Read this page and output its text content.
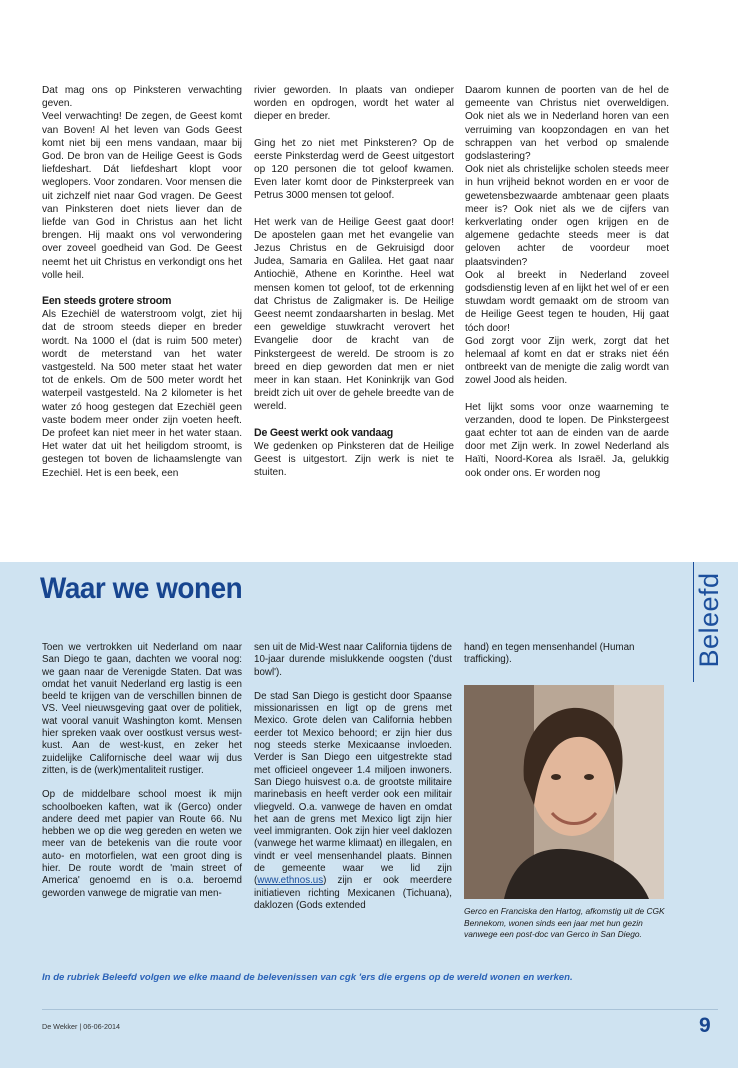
Dat mag ons op Pinksteren verwachting geven.

Veel verwachting! De zegen, de Geest komt van Boven! Al het leven van Gods Geest komt niet bij een mens vandaan, maar bij God. De bron van de Heilige Geest is Gods liefdeshart. Dát liefdeshart klopt voor weglopers. Voor zondaren. Voor mensen die uit zichzelf niet naar God vragen. De Geest van Pinksteren doet niets liever dan de liefde van God in Christus aan het licht brengen. Hij maakt ons vol verwondering over zoveel goedheid van God. De Geest neemt het uit Christus en verkondigt ons het volle heil.

Een steeds grotere stroom

Als Ezechiël de waterstroom volgt, ziet hij dat de stroom steeds dieper en breder wordt. Na 1000 el (dat is ruim 500 meter) wordt de meterstand van het water vastgesteld. Na 500 meter staat het water tot de enkels. Om de 500 meter wordt het waterpeil vastgesteld. Na 2 kilometer is het water zó hoog gestegen dat Ezechiël geen vaste bodem meer onder zijn voeten heeft. De profeet kan niet meer in het water staan. Het water dat uit het heiligdom stroomt, is gestegen tot boven de lichaamslengte van Ezechiël. Het is een beek, een

rivier geworden. In plaats van ondieper worden en opdrogen, wordt het water al dieper en breder.

Ging het zo niet met Pinksteren? Op de eerste Pinksterdag werd de Geest uitgestort op 120 personen die tot geloof kwamen. Even later komt door de Pinksterpreek van Petrus 3000 mensen tot geloof.

Het werk van de Heilige Geest gaat door! De apostelen gaan met het evangelie van Jezus Christus en de Gekruisigd door Judea, Samaria en Galilea. Het gaat naar Antiochië, Athene en Korinthe. Heel wat mensen komen tot geloof, tot de erkenning dat Christus de Zaligmaker is. De Heilige Geest neemt zondaarsharten in beslag. Met een geweldige stuwkracht verovert het Evangelie door de kracht van de Pinkstergeest de wereld. De stroom is zo breed en diep geworden dat men er niet meer in kan staan. Het Koninkrijk van God breidt zich uit over de gehele breedte van de wereld.

De Geest werkt ook vandaag

We gedenken op Pinksteren dat de Heilige Geest is uitgestort. Zijn werk is niet te stuiten.

Daarom kunnen de poorten van de hel de gemeente van Christus niet overweldigen. Ook niet als we in Nederland horen van een verruiming van koopzondagen en van het schrappen van het verbod op smalende godslastering?

Ook niet als christelijke scholen steeds meer in hun vrijheid beknot worden en er voor de gewetensbezwaarde ambtenaar geen plaats meer is? Ook niet als we de cijfers van kerkverlating onder ogen krijgen en de algemene gedachte steeds meer is dat geloven achter de voordeur moet plaatsvinden?

Ook al breekt in Nederland zoveel godsdienstig leven af en lijkt het wel of er een stuwdam wordt gemaakt om de stroom van de Heilige Geest tegen te houden, Hij gaat tóch door!

God zorgt voor Zijn werk, zorgt dat het helemaal af komt en dat er straks niet één ontbreekt van de menigte die zalig wordt van zowel Jood als heiden.

Het lijkt soms voor onze waarneming te verzanden, dood te lopen. De Pinkstergeest gaat echter tot aan de einden van de aarde door met Zijn werk. In zowel Nederland als Haïti, Noord-Korea als Israël. Ja, gelukkig ook onder ons. Er worden nog

Waar we wonen	Beleefd

Toen we vertrokken uit Nederland om naar San Diego te gaan, dachten we vooral nog: we gaan naar de Verenigde Staten. Dat was omdat het vanuit Nederland erg lastig is een beeld te krijgen van de verschillen binnen de VS. Veel nieuwsgeving gaat over de politiek, wat vooral vanuit Washington komt. Mensen hier spreken vaak over oostkust versus west-kust. Aan de west-kust, en zeker het zuidelijke Californische deel waar wij dus zitten, is de (werk)mentaliteit rustiger.

Op de middelbare school moest ik mijn schoolboeken kaften, wat ik (Gerco) onder andere deed met papier van Route 66. Nu hebben we op die weg gereden en weten we meer van de betekenis van die route voor auto- en motorfielen, wat een groot ding is hier. De route wordt de 'main street of America' genoemd en is o.a. beroemd geworden vanwege de migratie van men-

sen uit de Mid-West naar California tijdens de 10-jaar durende mislukkende oogsten ('dust bowl').

De stad San Diego is gesticht door Spaanse missionarissen en ligt op de grens met Mexico. Grote delen van California hebben eerder tot Mexico behoord; er zijn hier dus nog steeds sterke Mexicaanse invloeden. Verder is San Diego een uitgestrekte stad met officieel ongeveer 1.4 miljoen inwoners. San Diego huisvest o.a. de grootste militaire marinebasis en heeft verder ook een militair vliegveld. O.a. vanwege de haven en omdat het aan de grens met Mexico ligt zijn hier veel immigranten. Ook zijn hier veel daklozen (vanwege het warme klimaat) en illegalen, en vindt er veel mensenhandel plaats. Binnen de gemeente waar we lid zijn (www.ethnos.us) zijn er ook meerdere initiatieven richting Mexicanen (Tichuana), daklozen (Gods extended

hand) en tegen mensenhandel (Human trafficking).

Gerco en Franciska den Hartog, afkomstig uit de CGK Bennekom, wonen sinds een jaar met hun gezin vanwege een post-doc van Gerco in San Diego.
In de rubriek Beleefd volgen we elke maand de belevenissen van cgk 'ers die ergens op de wereld wonen en werken.
De Wekker | 06-06-2014	9
